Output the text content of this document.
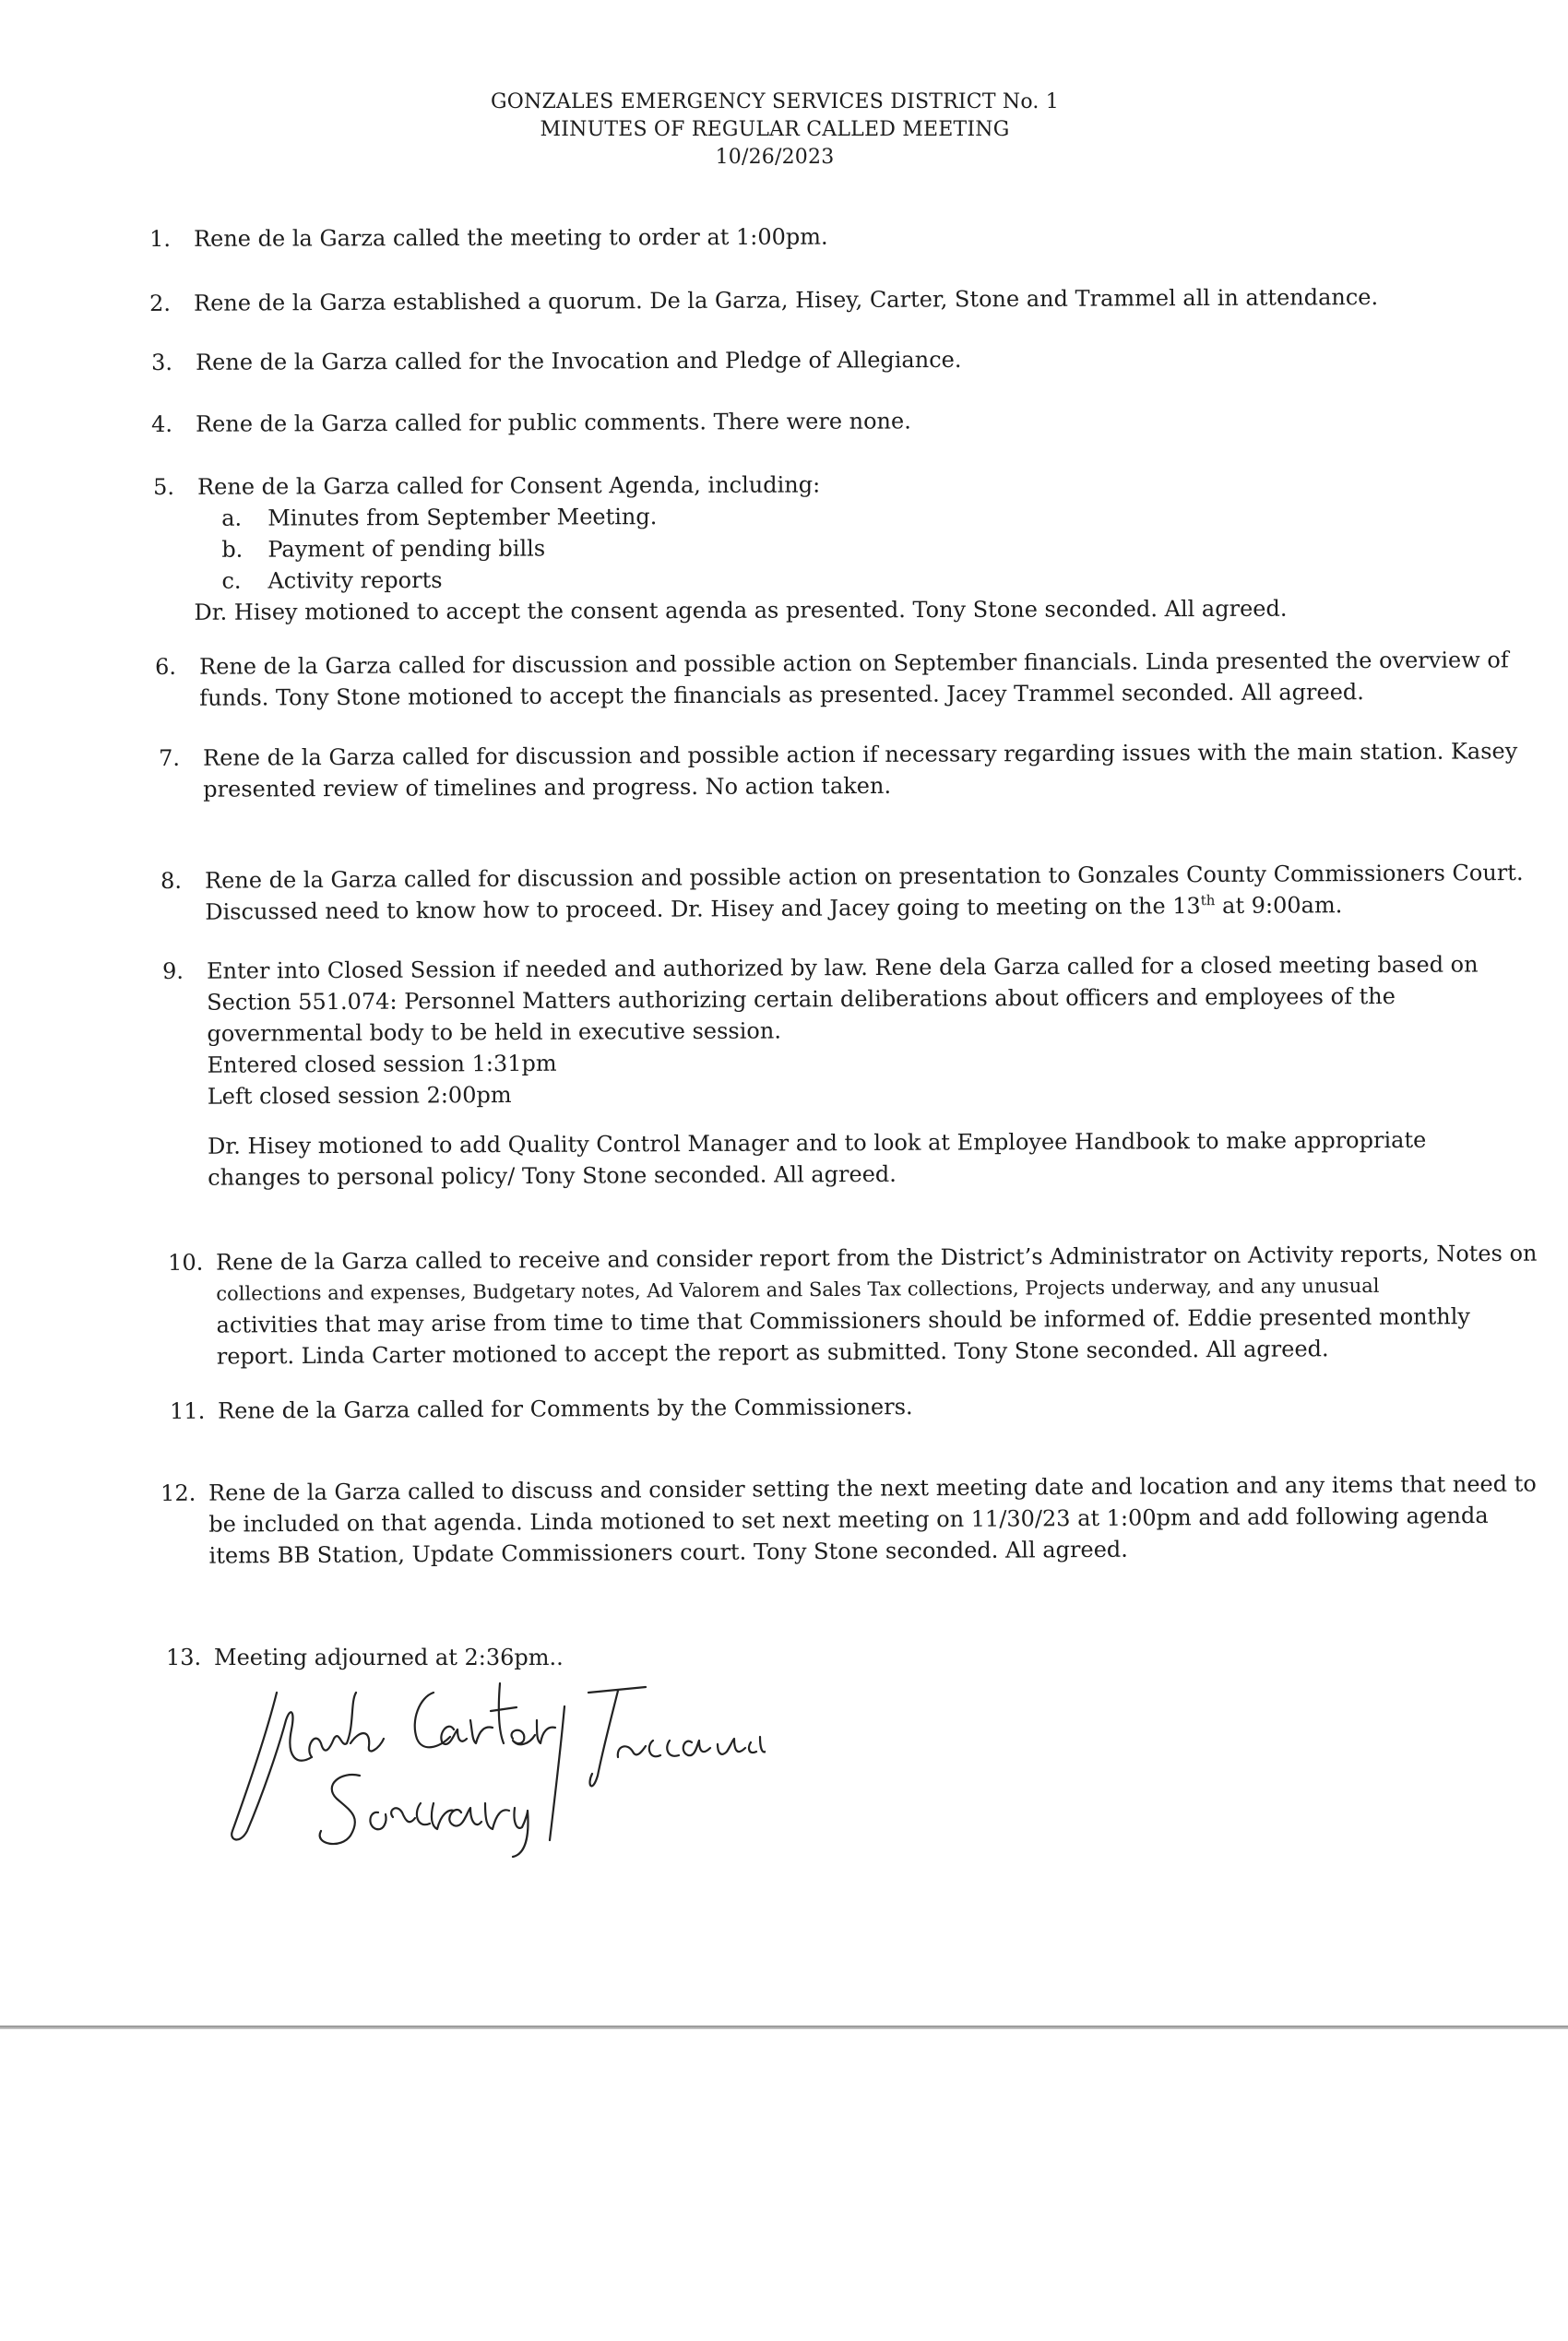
GONZALES EMERGENCY SERVICES DISTRICT No. 1
MINUTES OF REGULAR CALLED MEETING
10/26/2023
1.	Rene de la Garza called the meeting to order at 1:00pm.
2.	Rene de la Garza established a quorum. De la Garza, Hisey, Carter, Stone and Trammel all in attendance.
3.	Rene de la Garza called for the Invocation and Pledge of Allegiance.
4.	Rene de la Garza called for public comments. There were none.
5.	Rene de la Garza called for Consent Agenda, including:
a. Minutes from September Meeting.
b. Payment of pending bills
c. Activity reports
Dr. Hisey motioned to accept the consent agenda as presented. Tony Stone seconded. All agreed.
6.	Rene de la Garza called for discussion and possible action on September financials. Linda presented the overview of
funds. Tony Stone motioned to accept the financials as presented. Jacey Trammel seconded. All agreed.
7.	Rene de la Garza called for discussion and possible action if necessary regarding issues with the main station. Kasey
presented review of timelines and progress. No action taken.
8.	Rene de la Garza called for discussion and possible action on presentation to Gonzales County Commissioners Court.
Discussed need to know how to proceed. Dr. Hisey and Jacey going to meeting on the 13th at 9:00am.
9.	Enter into Closed Session if needed and authorized by law. Rene dela Garza called for a closed meeting based on
Section 551.074: Personnel Matters authorizing certain deliberations about officers and employees of the
governmental body to be held in executive session.
Entered closed session 1:31pm
Left closed session 2:00pm
Dr. Hisey motioned to add Quality Control Manager and to look at Employee Handbook to make appropriate
changes to personal policy/ Tony Stone seconded. All agreed.
10. Rene de la Garza called to receive and consider report from the District’s Administrator on Activity reports, Notes on
collections and expenses, Budgetary notes, Ad Valorem and Sales Tax collections, Projects underway, and any unusual
activities that may arise from time to time that Commissioners should be informed of. Eddie presented monthly
report. Linda Carter motioned to accept the report as submitted. Tony Stone seconded. All agreed.
11. Rene de la Garza called for Comments by the Commissioners.
12. Rene de la Garza called to discuss and consider setting the next meeting date and location and any items that need to
be included on that agenda. Linda motioned to set next meeting on 11/30/23 at 1:00pm and add following agenda
items BB Station, Update Commissioners court. Tony Stone seconded. All agreed.
13. Meeting adjourned at 2:36pm..
